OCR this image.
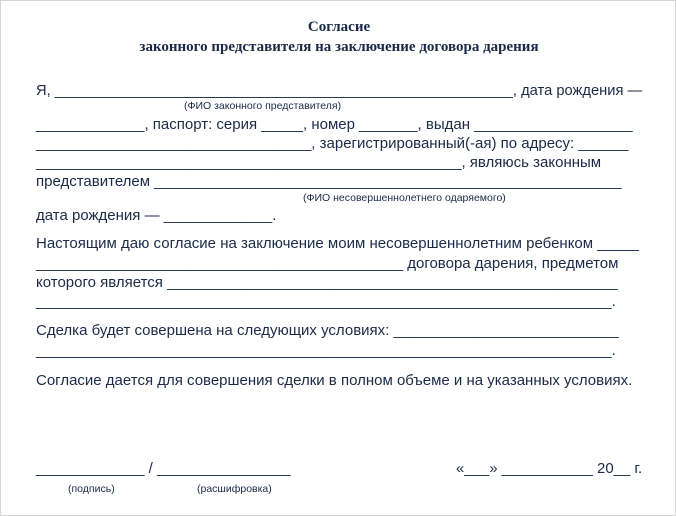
Согласие
законного представителя на заключение договора дарения
Я, ________________________________________________________, дата рождения —
(ФИО законного представителя)
_____________, паспорт: серия _____, номер _______, выдан ___________________
_________________________________, зарегистрированный(-ая) по адресу: ______
___________________________________________________, являюсь законным
представителем ________________________________________________________
(ФИО несовершеннолетнего одаряемого)
дата рождения — _____________.
Настоящим даю согласие на заключение моим несовершеннолетним ребенком _____
____________________________________________ договора дарения, предметом
которого является ______________________________________________________
_____________________________________________________________________.
Сделка будет совершена на следующих условиях: ___________________________
_____________________________________________________________________.
Согласие дается для совершения сделки в полном объеме и на указанных условиях.
_____________ / ________________	«___» ___________ 20__ г.
(подпись)	(расшифровка)
